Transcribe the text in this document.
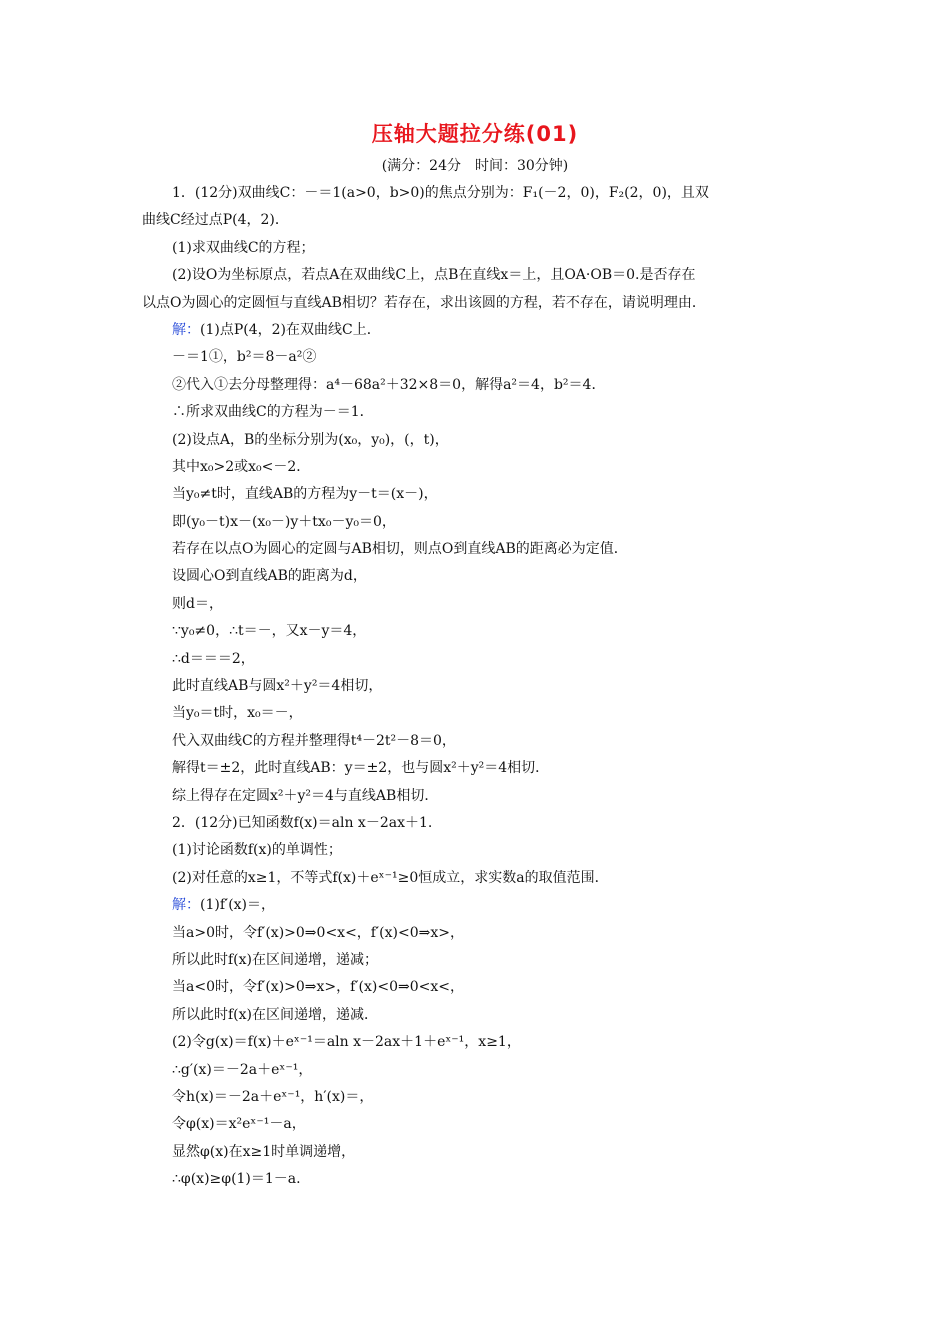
压轴大题拉分练(01)
(满分：24分　时间：30分钟)
1．(12分)双曲线C：－＝1(a>0，b>0)的焦点分别为：F₁(－2，0)，F₂(2，0)，且双
曲线C经过点P(4，2)．
(1)求双曲线C的方程；
(2)设O为坐标原点，若点A在双曲线C上，点B在直线x＝上，且OA·OB＝0.是否存在
以点O为圆心的定圆恒与直线AB相切？若存在，求出该圆的方程，若不存在，请说明理由．
解：(1)点P(4，2)在双曲线C上．
－＝1①，b²＝8－a²②
②代入①去分母整理得：a⁴－68a²＋32×8＝0，解得a²＝4，b²＝4．
∴所求双曲线C的方程为－＝1．
(2)设点A，B的坐标分别为(x₀，y₀)，(，t)，
其中x₀>2或x₀<－2．
当y₀≠t时，直线AB的方程为y－t＝(x－)，
即(y₀－t)x－(x₀－)y＋tx₀－y₀＝0，
若存在以点O为圆心的定圆与AB相切，则点O到直线AB的距离必为定值．
设圆心O到直线AB的距离为d，
则d＝，
∵y₀≠0，∴t＝－，又x－y＝4，
∴d＝＝＝2，
此时直线AB与圆x²＋y²＝4相切，
当y₀＝t时，x₀＝－，
代入双曲线C的方程并整理得t⁴－2t²－8＝0，
解得t＝±2，此时直线AB：y＝±2，也与圆x²＋y²＝4相切．
综上得存在定圆x²＋y²＝4与直线AB相切．
2．(12分)已知函数f(x)＝aln x－2ax＋1.
(1)讨论函数f(x)的单调性；
(2)对任意的x≥1，不等式f(x)＋eˣ⁻¹≥0恒成立，求实数a的取值范围．
解：(1)f′(x)＝，
当a>0时，令f′(x)>0⇒0<x<，f′(x)<0⇒x>，
所以此时f(x)在区间递增，递减；
当a<0时，令f′(x)>0⇒x>，f′(x)<0⇒0<x<，
所以此时f(x)在区间递增，递减．
(2)令g(x)＝f(x)＋eˣ⁻¹＝aln x－2ax＋1＋eˣ⁻¹，x≥1，
∴g′(x)＝－2a＋eˣ⁻¹，
令h(x)＝－2a＋eˣ⁻¹，h′(x)＝，
令φ(x)＝x²eˣ⁻¹－a，
显然φ(x)在x≥1时单调递增，
∴φ(x)≥φ(1)＝1－a.
